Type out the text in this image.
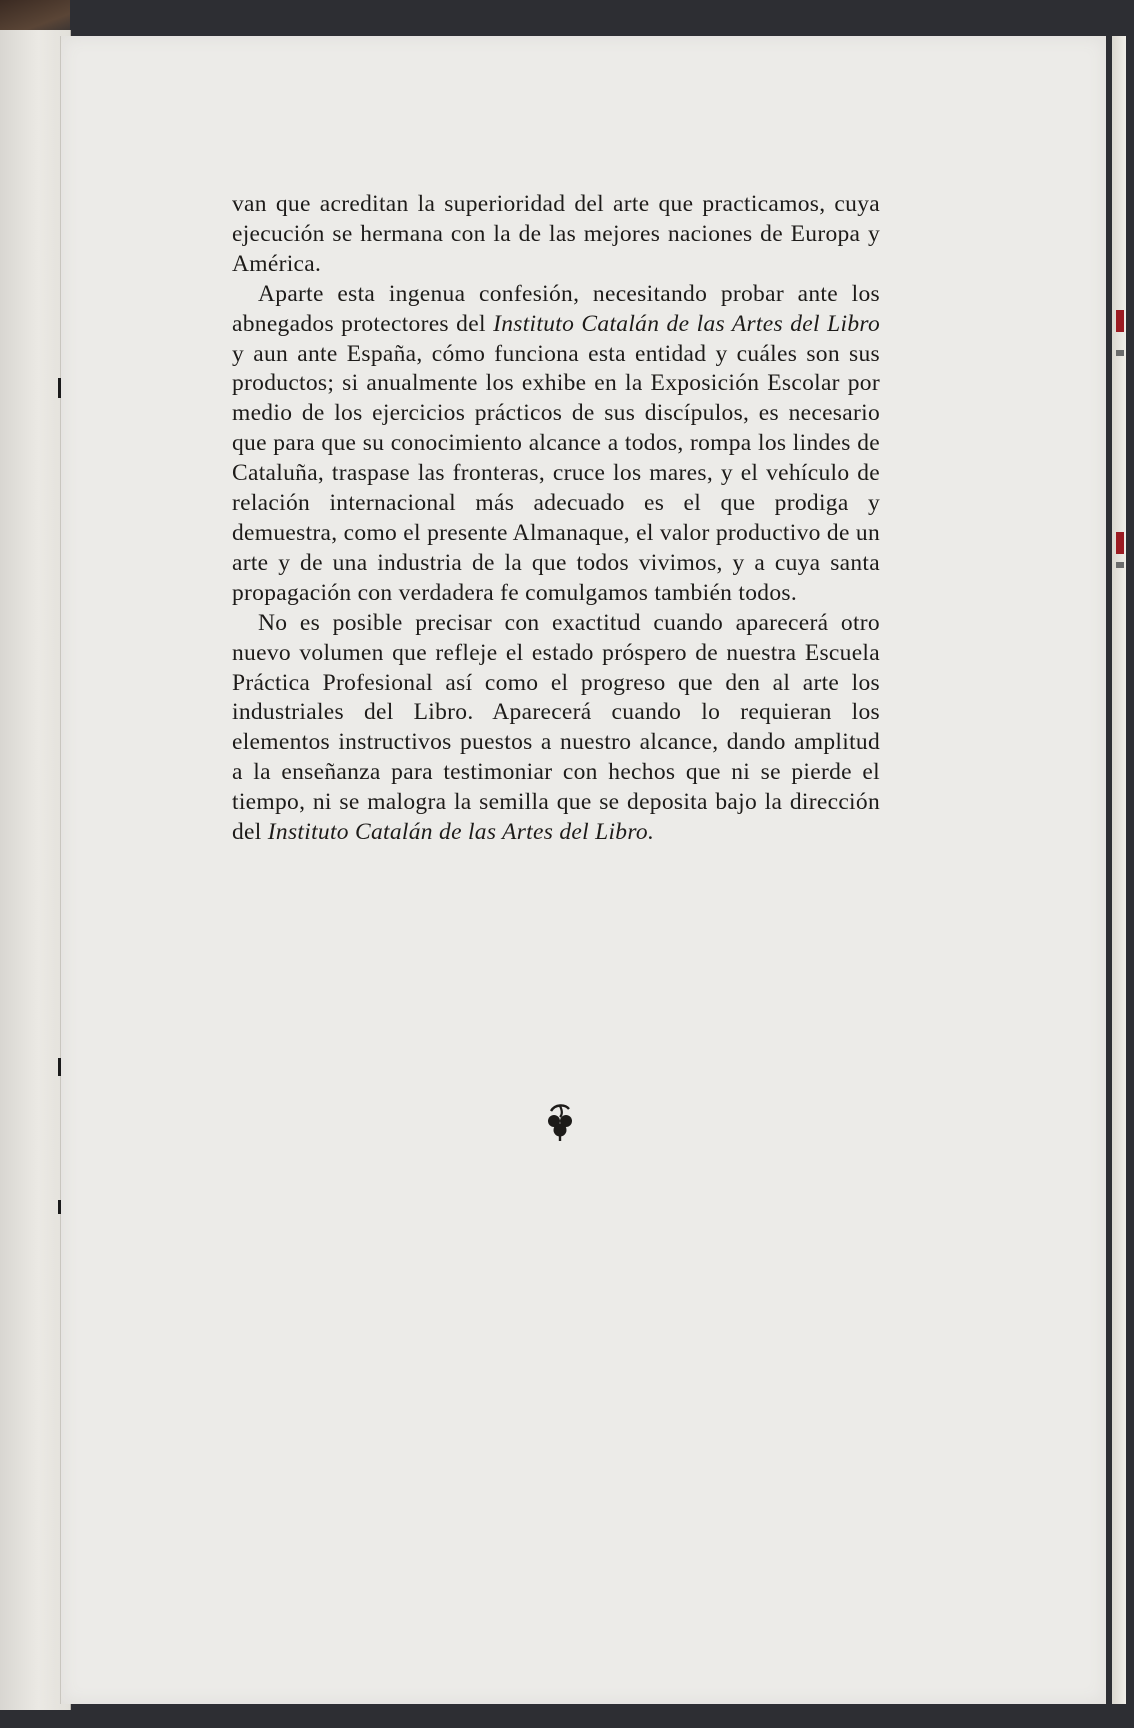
van que acreditan la superioridad del arte que practicamos, cuya ejecución se hermana con la de las mejores naciones de Europa y América.

Aparte esta ingenua confesión, necesitando probar ante los abnegados protectores del Instituto Catalán de las Artes del Libro y aun ante España, cómo funciona esta entidad y cuáles son sus productos; si anualmente los exhibe en la Exposición Escolar por medio de los ejercicios prácticos de sus discípulos, es necesario que para que su conocimiento alcance a todos, rompa los lindes de Cataluña, traspase las fronteras, cruce los mares, y el vehículo de relación internacional más adecuado es el que prodiga y demuestra, como el presente Almanaque, el valor productivo de un arte y de una industria de la que todos vivimos, y a cuya santa propagación con verdadera fe comulgamos también todos.

No es posible precisar con exactitud cuando aparecerá otro nuevo volumen que refleje el estado próspero de nuestra Escuela Práctica Profesional así como el progreso que den al arte los industriales del Libro. Aparecerá cuando lo requieran los elementos instructivos puestos a nuestro alcance, dando amplitud a la enseñanza para testimoniar con hechos que ni se pierde el tiempo, ni se malogra la semilla que se deposita bajo la dirección del Instituto Catalán de las Artes del Libro.
